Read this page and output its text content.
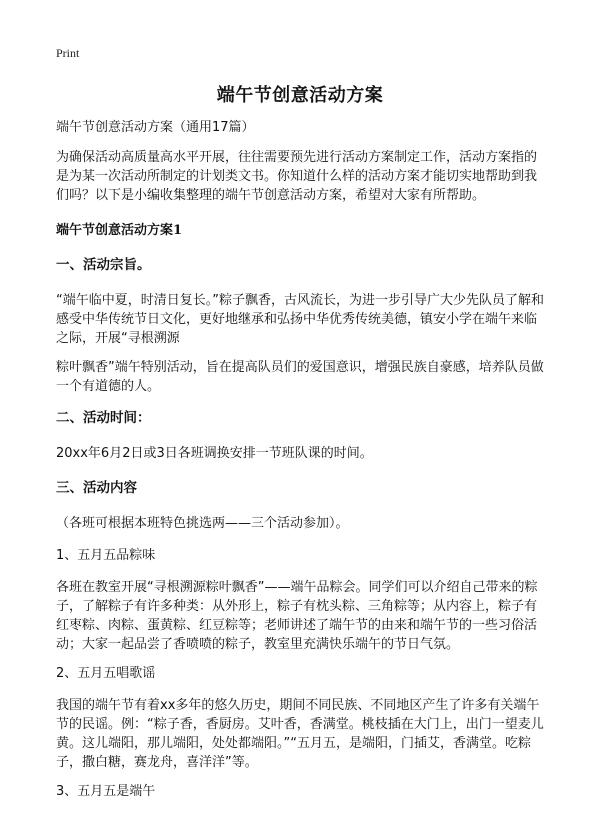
Print
端午节创意活动方案

端午节创意活动方案（通用17篇）

为确保活动高质量高水平开展，往往需要预先进行活动方案制定工作，活动方案指的是为某一次活动所制定的计划类文书。你知道什么样的活动方案才能切实地帮助到我们吗？以下是小编收集整理的端午节创意活动方案，希望对大家有所帮助。

端午节创意活动方案1

一、活动宗旨。

“端午临中夏，时清日复长。”粽子飘香，古风流长，为进一步引导广大少先队员了解和感受中华传统节日文化，更好地继承和弘扬中华优秀传统美德，镇安小学在端午来临之际，开展“寻根溯源

粽叶飘香”端午特别活动，旨在提高队员们的爱国意识，增强民族自豪感，培养队员做一个有道德的人。

二、活动时间：

20xx年6月2日或3日各班调换安排一节班队课的时间。

三、活动内容

（各班可根据本班特色挑选两——三个活动参加）。

1、五月五品粽味

各班在教室开展“寻根溯源粽叶飘香”——端午品粽会。同学们可以介绍自己带来的粽子，了解粽子有许多种类：从外形上，粽子有枕头粽、三角粽等；从内容上，粽子有红枣粽、肉粽、蛋黄粽、红豆粽等；老师讲述了端午节的由来和端午节的一些习俗活动；大家一起品尝了香喷喷的粽子，教室里充满快乐端午的节日气氛。

2、五月五唱歌谣

我国的端午节有着xx多年的悠久历史，期间不同民族、不同地区产生了许多有关端午节的民谣。例：“粽子香，香厨房。艾叶香，香满堂。桃枝插在大门上，出门一望麦儿黄。这儿端阳，那儿端阳，处处都端阳。”“五月五，是端阳，门插艾，香满堂。吃粽子，撒白糖，赛龙舟，喜洋洋”等。

3、五月五是端午
